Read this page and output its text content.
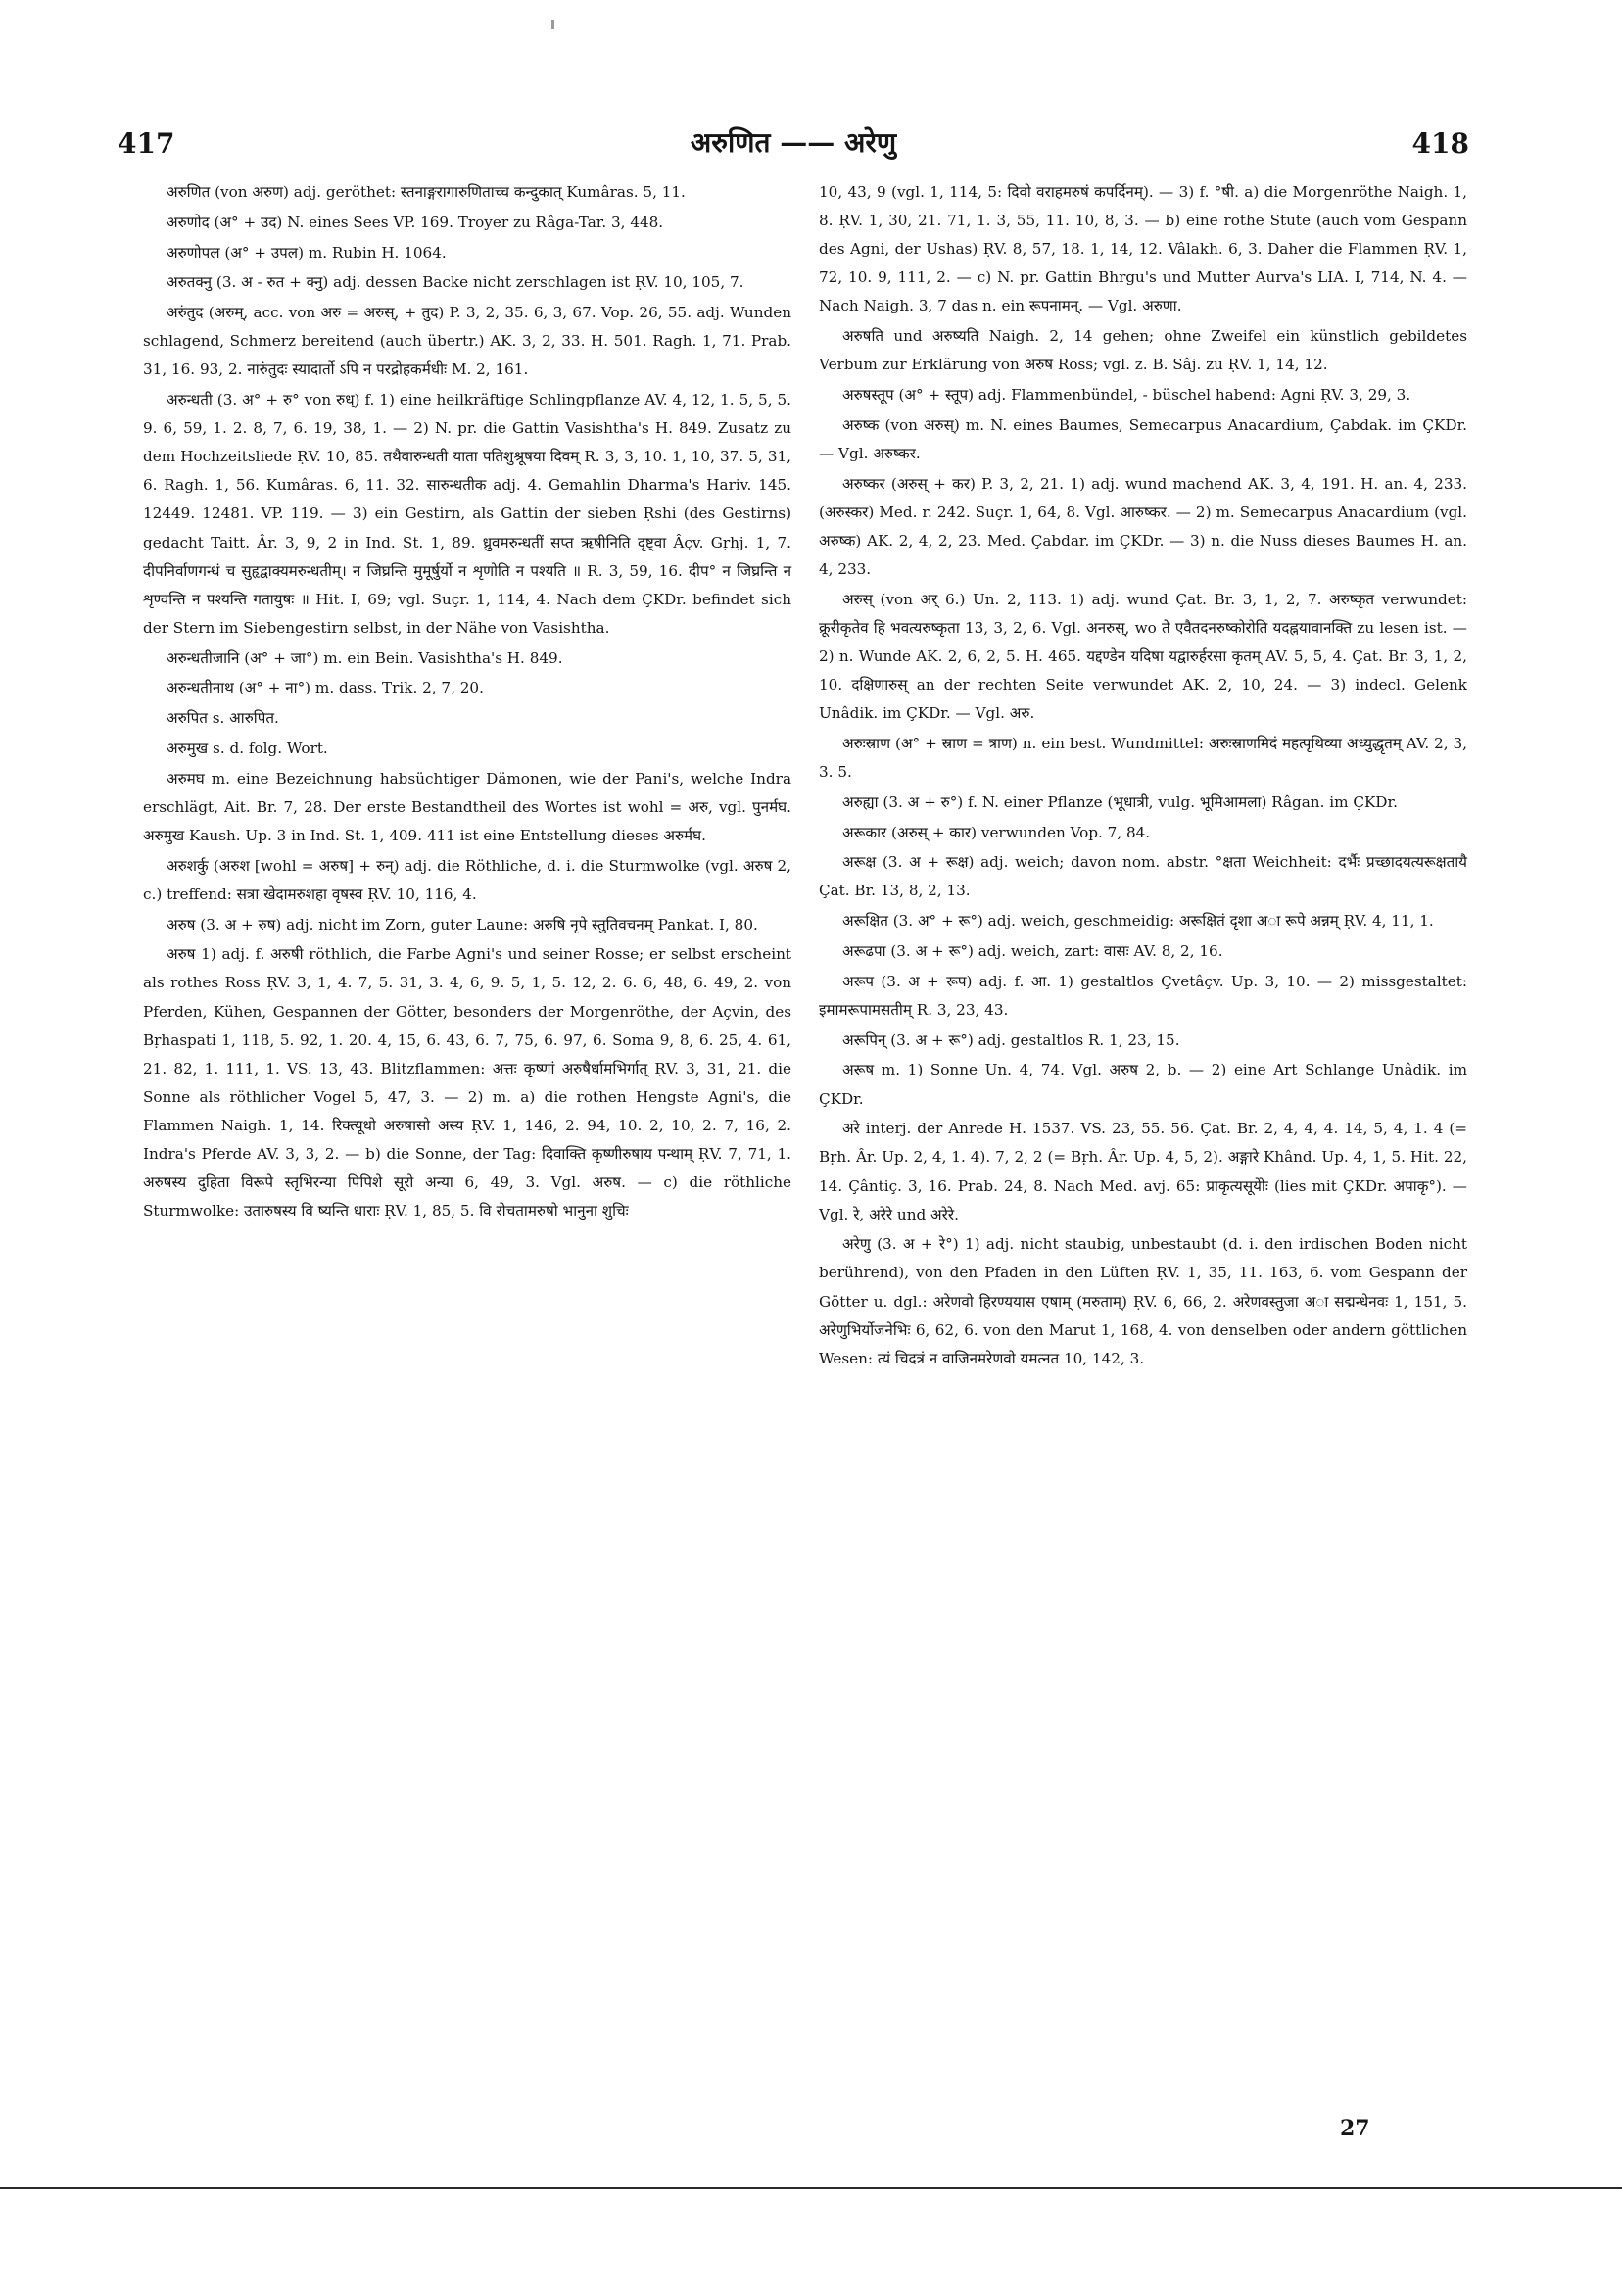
417	अरुणित —— अरेणु	418

अरुणित (von अरुण) adj. geröthet: स्तनाङ्गरागारुणिताच्च कन्दुकात् Kumâras. 5, 11.

अरुणोद (अ° + उद) N. eines Sees VP. 169. Troyer zu Râga-Tar. 3, 448.

अरुणोपल (अ° + उपल) m. Rubin H. 1064.

अरुतक्नु (3. अ - रुत + क्नु) adj. dessen Backe nicht zerschlagen ist ṚV. 10, 105, 7.

अरुंतुद (अरुम्, acc. von अरु = अरुस्, + तुद) P. 3, 2, 35. 6, 3, 67. Vop. 26, 55. adj. Wunden schlagend, Schmerz bereitend (auch übertr.) AK. 3, 2, 33. H. 501. Ragh. 1, 71. Prab. 31, 16. 93, 2. नारुंतुदः स्यादार्तो ऽपि न परद्रोहकर्मधीः M. 2, 161.

अरुन्धती (3. अ° + रु° von रुध्) f. 1) eine heilkräftige Schlingpflanze AV. 4, 12, 1. 5, 5, 5. 9. 6, 59, 1. 2. 8, 7, 6. 19, 38, 1. — 2) N. pr. die Gattin Vasishtha's H. 849. Zusatz zu dem Hochzeitsliede ṚV. 10, 85. तथैवारुन्धती याता पतिशुश्रूषया दिवम् R. 3, 3, 10. 1, 10, 37. 5, 31, 6. Ragh. 1, 56. Kumâras. 6, 11. 32. सारुन्धतीक adj. 4. Gemahlin Dharma's Hariv. 145. 12449. 12481. VP. 119. — 3) ein Gestirn, als Gattin der sieben Ṛshi (des Gestirns) gedacht Taitt. Âr. 3, 9, 2 in Ind. St. 1, 89. ध्रुवमरुन्धतीं सप्त ऋषीनिति दृष्ट्वा Âçv. Gṛhj. 1, 7. दीपनिर्वाणगन्धं च सुहृद्वाक्यमरुन्धतीम्। न जिघ्रन्ति मुमूर्षुर्यो न शृणोति न पश्यति ॥ R. 3, 59, 16. दीप° न जिघ्रन्ति न शृण्वन्ति न पश्यन्ति गतायुषः ॥ Hit. I, 69; vgl. Suçr. 1, 114, 4. Nach dem ÇKDr. befindet sich der Stern im Siebengestirn selbst, in der Nähe von Vasishtha.

अरुन्धतीजानि (अ° + जा°) m. ein Bein. Vasishtha's H. 849.

अरुन्धतीनाथ (अ° + ना°) m. dass. Trik. 2, 7, 20.

अरुपित s. आरुपित.

अरुमुख s. d. folg. Wort.

अरुमघ m. eine Bezeichnung habsüchtiger Dämonen, wie der Pani's, welche Indra erschlägt, Ait. Br. 7, 28. Der erste Bestandtheil des Wortes ist wohl = अरु, vgl. पुनर्मघ. अरुमुख Kaush. Up. 3 in Ind. St. 1, 409. 411 ist eine Entstellung dieses अरुर्मघ.

अरुशर्कु (अरुश [wohl = अरुष] + रुन्) adj. die Röthliche, d. i. die Sturmwolke (vgl. अरुष 2, c.) treffend: सत्रा खेदामरुशहा वृषस्व ṚV. 10, 116, 4.

अरुष (3. अ + रुष) adj. nicht im Zorn, guter Laune: अरुषि नृपे स्तुतिवचनम् Pankat. I, 80.

अरुष 1) adj. f. अरुषी röthlich, die Farbe Agni's und seiner Rosse; er selbst erscheint als rothes Ross ṚV. 3, 1, 4. 7, 5. 31, 3. 4, 6, 9. 5, 1, 5. 12, 2. 6. 6, 48, 6. 49, 2. von Pferden, Kühen, Gespannen der Götter, besonders der Morgenröthe, der Açvin, des Bṛhaspati 1, 118, 5. 92, 1. 20. 4, 15, 6. 43, 6. 7, 75, 6. 97, 6. Soma 9, 8, 6. 25, 4. 61, 21. 82, 1. 111, 1. VS. 13, 43. Blitzflammen: अत्तः कृष्णां अरुषैर्धामभिर्गात् ṚV. 3, 31, 21. die Sonne als röthlicher Vogel 5, 47, 3. — 2) m. a) die rothen Hengste Agni's, die Flammen Naigh. 1, 14. रिक्त्यूधो अरुषासो अस्य ṚV. 1, 146, 2. 94, 10. 2, 10, 2. 7, 16, 2. Indra's Pferde AV. 3, 3, 2. — b) die Sonne, der Tag: दिवाक्ति कृष्णीरुषाय पन्थाम् ṚV. 7, 71, 1. अरुषस्य दुहिता विरूपे स्तृभिरन्या पिपिशे सूरो अन्या 6, 49, 3. Vgl. अरुष. — c) die röthliche Sturmwolke: उतारुषस्य वि ष्यन्ति धाराः ṚV. 1, 85, 5. वि रोचतामरुषो भानुना शुचिः

10, 43, 9 (vgl. 1, 114, 5: दिवो वराहमरुषं कपर्दिनम्). — 3) f. °षी. a) die Morgenröthe Naigh. 1, 8. ṚV. 1, 30, 21. 71, 1. 3, 55, 11. 10, 8, 3. — b) eine rothe Stute (auch vom Gespann des Agni, der Ushas) ṚV. 8, 57, 18. 1, 14, 12. Vâlakh. 6, 3. Daher die Flammen ṚV. 1, 72, 10. 9, 111, 2. — c) N. pr. Gattin Bhrgu's und Mutter Aurva's LIA. I, 714, N. 4. — Nach Naigh. 3, 7 das n. ein रूपनामन्. — Vgl. अरुणा.

अरुषति und अरुष्यति Naigh. 2, 14 gehen; ohne Zweifel ein künstlich gebildetes Verbum zur Erklärung von अरुष Ross; vgl. z. B. Sâj. zu ṚV. 1, 14, 12.

अरुषस्तूप (अ° + स्तूप) adj. Flammenbündel, - büschel habend: Agni ṚV. 3, 29, 3.

अरुष्क (von अरुस्) m. N. eines Baumes, Semecarpus Anacardium, Çabdak. im ÇKDr. — Vgl. अरुष्कर.

अरुष्कर (अरुस् + कर) P. 3, 2, 21. 1) adj. wund machend AK. 3, 4, 191. H. an. 4, 233. (अरुस्कर) Med. r. 242. Suçr. 1, 64, 8. Vgl. आरुष्कर. — 2) m. Semecarpus Anacardium (vgl. अरुष्क) AK. 2, 4, 2, 23. Med. Çabdar. im ÇKDr. — 3) n. die Nuss dieses Baumes H. an. 4, 233.

अरुस् (von अर् 6.) Un. 2, 113. 1) adj. wund Çat. Br. 3, 1, 2, 7. अरुष्कृत verwundet: क्रूरीकृतेव हि भवत्यरुष्कृता 13, 3, 2, 6. Vgl. अनरुस्, wo ते एवैतदनरुष्कोरोति यदह्नयावानक्ति zu lesen ist. — 2) n. Wunde AK. 2, 6, 2, 5. H. 465. यद्दण्डेन यदिषा यद्वारुर्हरसा कृतम् AV. 5, 5, 4. Çat. Br. 3, 1, 2, 10. दक्षिणारुस् an der rechten Seite verwundet AK. 2, 10, 24. — 3) indecl. Gelenk Unâdik. im ÇKDr. — Vgl. अरु.

अरुःस्राण (अ° + स्राण = त्राण) n. ein best. Wundmittel: अरुःस्राणमिदं महत्पृथिव्या अध्युद्धृतम् AV. 2, 3, 3. 5.

अरुह्या (3. अ + रु°) f. N. einer Pflanze (भूधात्री, vulg. भूमिआमला) Râgan. im ÇKDr.

अरूकार (अरुस् + कार) verwunden Vop. 7, 84.

अरूक्ष (3. अ + रूक्ष) adj. weich; davon nom. abstr. °क्षता Weichheit: दर्भैः प्रच्छादयत्यरूक्षतायै Çat. Br. 13, 8, 2, 13.

अरूक्षित (3. अ° + रू°) adj. weich, geschmeidig: अरूक्षितं दृशा अा रूपे अन्नम् ṚV. 4, 11, 1.

अरूढपा (3. अ + रू°) adj. weich, zart: वासः AV. 8, 2, 16.

अरूप (3. अ + रूप) adj. f. आ. 1) gestaltlos Çvetâçv. Up. 3, 10. — 2) missgestaltet: इमामरूपामसतीम् R. 3, 23, 43.

अरूपिन् (3. अ + रू°) adj. gestaltlos R. 1, 23, 15.

अरूष m. 1) Sonne Un. 4, 74. Vgl. अरुष 2, b. — 2) eine Art Schlange Unâdik. im ÇKDr.

अरे interj. der Anrede H. 1537. VS. 23, 55. 56. Çat. Br. 2, 4, 4, 4. 14, 5, 4, 1. 4 (= Bṛh. Âr. Up. 2, 4, 1. 4). 7, 2, 2 (= Bṛh. Âr. Up. 4, 5, 2). अङ्गारे Khând. Up. 4, 1, 5. Hit. 22, 14. Çântiç. 3, 16. Prab. 24, 8. Nach Med. avj. 65: प्राकृत्यसूयेोः (lies mit ÇKDr. अपाकृ°). — Vgl. रे, अरेरे und अरेरे.

अरेणु (3. अ + रे°) 1) adj. nicht staubig, unbestaubt (d. i. den irdischen Boden nicht berührend), von den Pfaden in den Lüften ṚV. 1, 35, 11. 163, 6. vom Gespann der Götter u. dgl.: अरेणवो हिरण्ययास एषाम् (मरुताम्) ṚV. 6, 66, 2. अरेणवस्तुजा अा सद्मन्धेनवः 1, 151, 5. अरेणुभिर्योजनेभिः 6, 62, 6. von den Marut 1, 168, 4. von denselben oder andern göttlichen Wesen: त्यं चिदत्रं न वाजिनमरेणवो यमत्नत 10, 142, 3.

27
